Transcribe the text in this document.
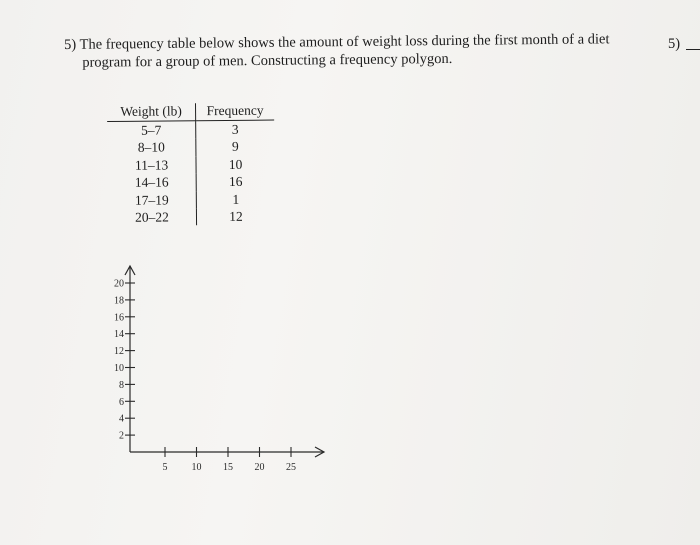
5) The frequency table below shows the amount of weight loss during the first month of a diet
program for a group of men. Constructing a frequency polygon.
5)
Weight (lb)	Frequency
5–7	3
8–10	9
11–13	10
14–16	16
17–19	1
20–22	12
2
4
6
8
10
12
14
16
18
20
5 10 15 20 25
